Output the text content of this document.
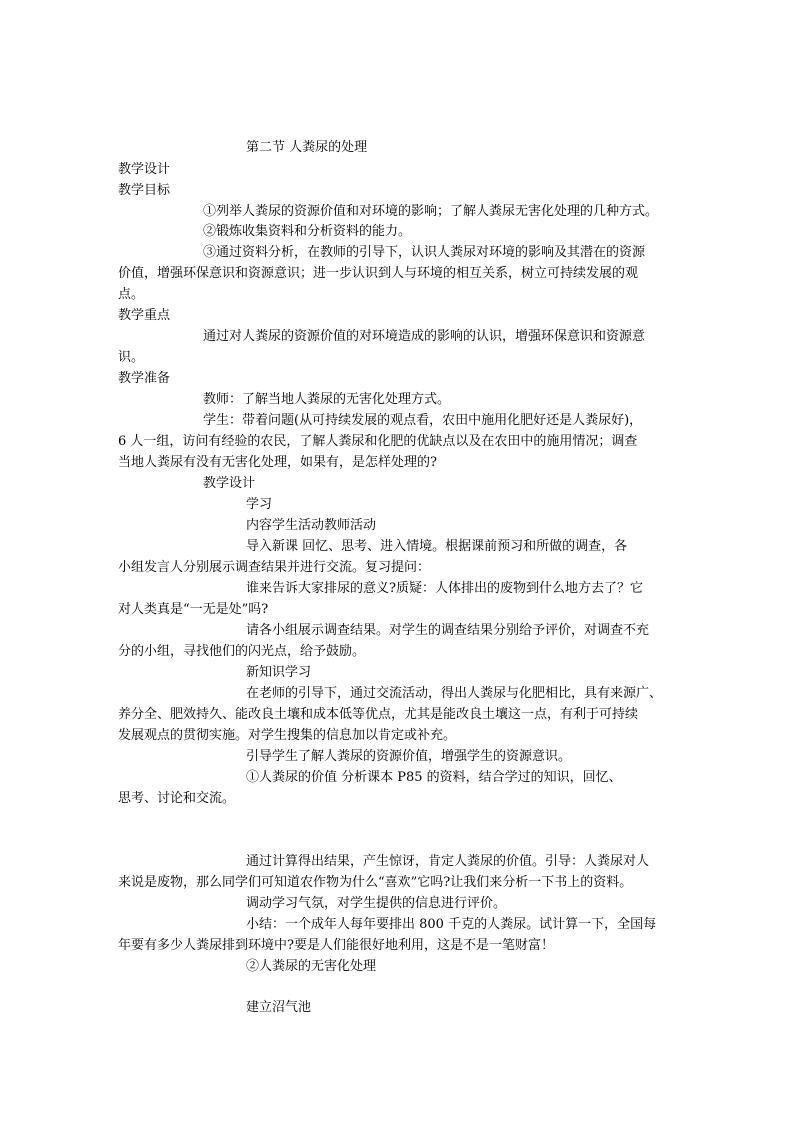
第二节 人粪尿的处理
教学设计
教学目标
①列举人粪尿的资源价值和对环境的影响；了解人粪尿无害化处理的几种方式。
②锻炼收集资料和分析资料的能力。
③通过资料分析，在教师的引导下，认识人粪尿对环境的影响及其潜在的资源
价值，增强环保意识和资源意识；进一步认识到人与环境的相互关系，树立可持续发展的观
点。
教学重点
通过对人粪尿的资源价值的对环境造成的影响的认识，增强环保意识和资源意
识。
教学准备
教师：了解当地人粪尿的无害化处理方式。
学生：带着问题(从可持续发展的观点看，农田中施用化肥好还是人粪尿好)，
6 人一组，访问有经验的农民，了解人粪尿和化肥的优缺点以及在农田中的施用情况；调查
当地人粪尿有没有无害化处理，如果有，是怎样处理的?
教学设计
学习
内容学生活动教师活动
导入新课 回忆、思考、进入情境。根据课前预习和所做的调查，各
小组发言人分别展示调查结果并进行交流。复习提问：
谁来告诉大家排尿的意义?质疑：人体排出的废物到什么地方去了？它
对人类真是“一无是处”吗?
请各小组展示调查结果。对学生的调查结果分别给予评价，对调查不充
分的小组，寻找他们的闪光点，给予鼓励。
新知识学习
在老师的引导下，通过交流活动，得出人粪尿与化肥相比，具有来源广、
养分全、肥效持久、能改良土壤和成本低等优点，尤其是能改良土壤这一点，有利于可持续
发展观点的贯彻实施。对学生搜集的信息加以肯定或补充。
引导学生了解人粪尿的资源价值，增强学生的资源意识。
①人粪尿的价值 分析课本 P85 的资料，结合学过的知识，回忆、
思考、讨论和交流。
通过计算得出结果，产生惊讶，肯定人粪尿的价值。引导：人粪尿对人
来说是废物，那么同学们可知道农作物为什么“喜欢”它吗?让我们来分析一下书上的资料。
调动学习气氛，对学生提供的信息进行评价。
小结：一个成年人每年要排出 800 千克的人粪尿。试计算一下，全国每
年要有多少人粪尿排到环境中?要是人们能很好地利用，这是不是一笔财富！
②人粪尿的无害化处理
建立沼气池
